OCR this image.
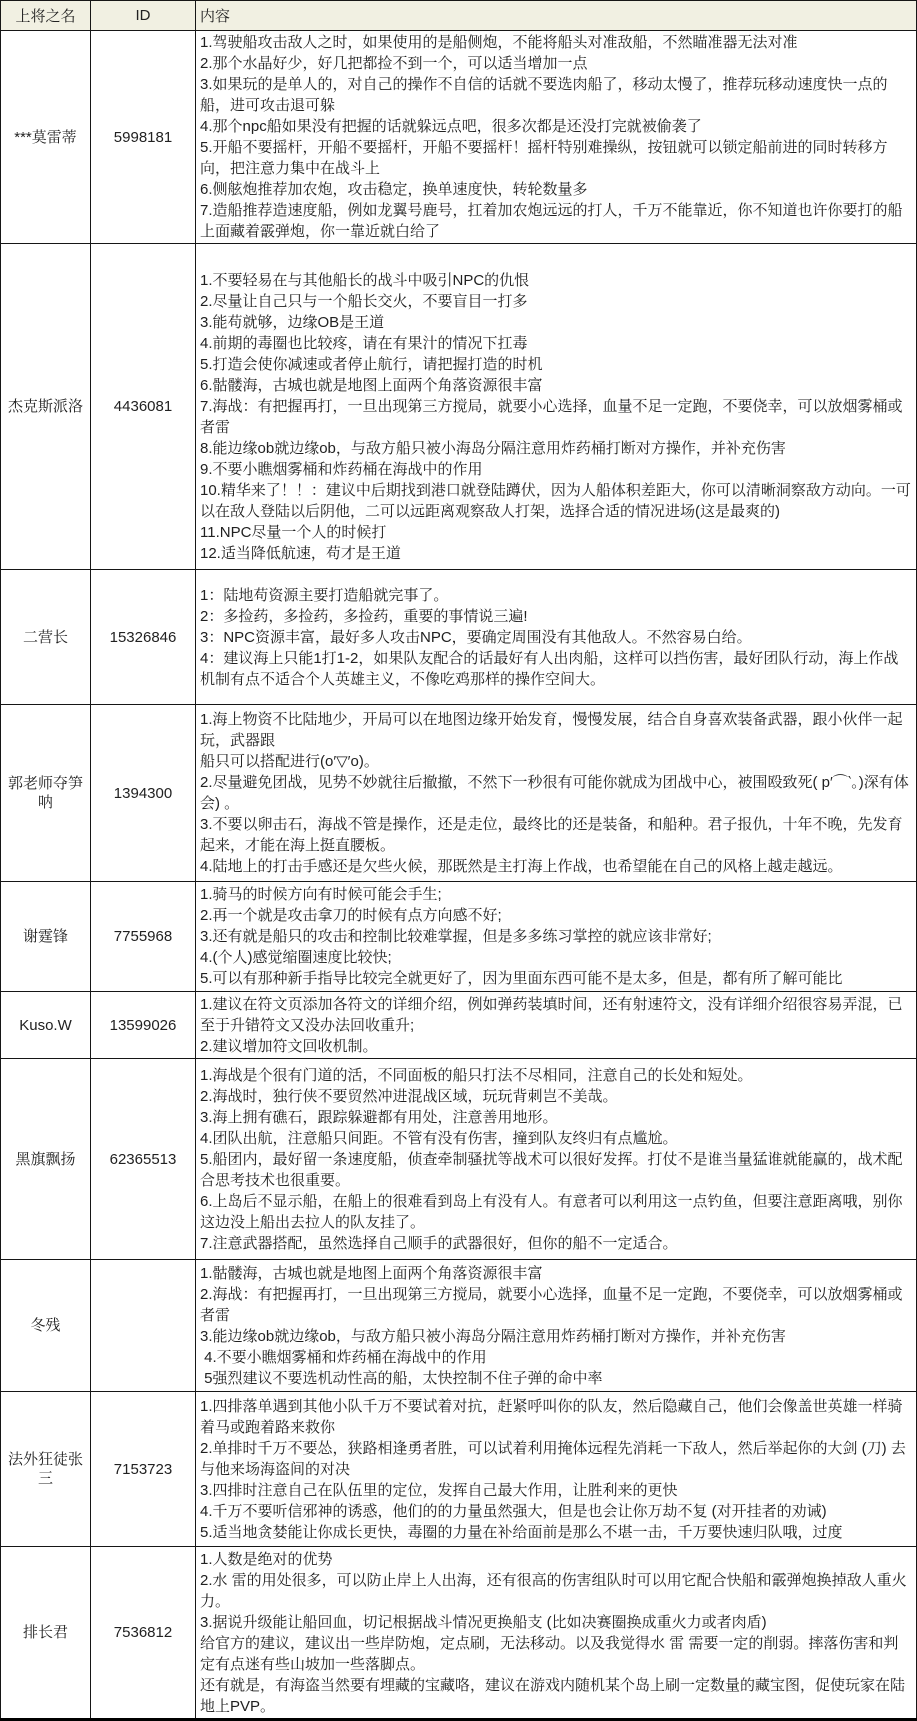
上将之名	ID	内容
***莫雷蒂	5998181	
1.驾驶船攻击敌人之时，如果使用的是船侧炮，不能将船头对准敌船，不然瞄准器无法对准
2.那个水晶好少，好几把都捡不到一个，可以适当增加一点
3.如果玩的是单人的，对自己的操作不自信的话就不要选肉船了，移动太慢了，推荐玩移动速度快一点的船，进可攻击退可躲
4.那个npc船如果没有把握的话就躲远点吧，很多次都是还没打完就被偷袭了
5.开船不要摇杆，开船不要摇杆，开船不要摇杆！摇杆特别难操纵，按钮就可以锁定船前进的同时转移方向，把注意力集中在战斗上
6.侧舷炮推荐加农炮，攻击稳定，换单速度快，转轮数量多
7.造船推荐造速度船，例如龙翼号鹿号，扛着加农炮远远的打人，千万不能靠近，你不知道也许你要打的船上面藏着霰弹炮，你一靠近就白给了

杰克斯派洛	4436081	
1.不要轻易在与其他船长的战斗中吸引NPC的仇恨
2.尽量让自己只与一个船长交火，不要盲目一打多
3.能苟就够，边缘OB是王道
4.前期的毒圈也比较疼，请在有果汁的情况下扛毒
5.打造会使你减速或者停止航行，请把握打造的时机
6.骷髅海，古城也就是地图上面两个角落资源很丰富
7.海战：有把握再打，一旦出现第三方搅局，就要小心选择，血量不足一定跑，不要侥幸，可以放烟雾桶或者雷
8.能边缘ob就边缘ob，与敌方船只被小海岛分隔注意用炸药桶打断对方操作，并补充伤害
9.不要小瞧烟雾桶和炸药桶在海战中的作用
10.精华来了！！：建议中后期找到港口就登陆蹲伏，因为人船体积差距大，你可以清晰洞察敌方动向。一可以在敌人登陆以后阴他，二可以远距离观察敌人打架，选择合适的情况进场(这是最爽的)
11.NPC尽量一个人的时候打
12.适当降低航速，苟才是王道

二营长	15326846	1：陆地苟资源主要打造船就完事了。
2：多捡药，多捡药，多捡药，重要的事情说三遍!
3：NPC资源丰富，最好多人攻击NPC，要确定周围没有其他敌人。不然容易白给。
4：建议海上只能1打1-2，如果队友配合的话最好有人出肉船，这样可以挡伤害，最好团队行动，海上作战机制有点不适合个人英雄主义，不像吃鸡那样的操作空间大。

郭老师夺笋呐	1394300	1.海上物资不比陆地少，开局可以在地图边缘开始发育，慢慢发展，结合自身喜欢装备武器，跟小伙伴一起玩，武器跟
船只可以搭配进行(o′▽′o)。
2.尽量避免团战，见势不妙就往后撤撤，不然下一秒很有可能你就成为团战中心，被围殴致死( p′⌒‵。)深有体会) 。
3.不要以卵击石，海战不管是操作，还是走位，最终比的还是装备，和船种。君子报仇，十年不晚，先发育起来，才能在海上挺直腰板。
4.陆地上的打击手感还是欠些火候，那既然是主打海上作战，也希望能在自己的风格上越走越远。

谢霆锋	7755968	1.骑马的时候方向有时候可能会手生;
2.再一个就是攻击拿刀的时候有点方向感不好;
3.还有就是船只的攻击和控制比较难掌握，但是多多练习掌控的就应该非常好;
4.(个人)感觉缩圈速度比较快;
5.可以有那种新手指导比较完全就更好了，因为里面东西可能不是太多，但是，都有所了解可能比

Kuso.W	13599026	1.建议在符文页添加各符文的详细介绍，例如弹药装填时间，还有射速符文，没有详细介绍很容易弄混，已至于升错符文又没办法回收重升;
2.建议增加符文回收机制。

黑旗飘扬	62365513	
1.海战是个很有门道的活，不同面板的船只打法不尽相同，注意自己的长处和短处。
2.海战时，独行侠不要贸然冲进混战区域，玩玩背刺岂不美哉。
3.海上拥有礁石，跟踪躲避都有用处，注意善用地形。
4.团队出航，注意船只间距。不管有没有伤害，撞到队友终归有点尴尬。
5.船团内，最好留一条速度船，侦查牵制骚扰等战术可以很好发挥。打仗不是谁当量猛谁就能赢的，战术配合思考技术也很重要。
6.上岛后不显示船，在船上的很难看到岛上有没有人。有意者可以利用这一点钓鱼，但要注意距离哦，别你这边没上船出去拉人的队友挂了。
7.注意武器搭配，虽然选择自己顺手的武器很好，但你的船不一定适合。

冬残		1.骷髅海，古城也就是地图上面两个角落资源很丰富
2.海战：有把握再打，一旦出现第三方搅局，就要小心选择，血量不足一定跑，不要侥幸，可以放烟雾桶或者雷
3.能边缘ob就边缘ob，与敌方船只被小海岛分隔注意用炸药桶打断对方操作，并补充伤害
4.不要小瞧烟雾桶和炸药桶在海战中的作用
5强烈建议不要选机动性高的船，太快控制不住子弹的命中率

法外狂徒张三	7153723	1.四排落单遇到其他小队千万不要试着对抗，赶紧呼叫你的队友，然后隐藏自己，他们会像盖世英雄一样骑着马或跑着路来救你
2.单排时千万不要怂，狭路相逢勇者胜，可以试着利用掩体远程先消耗一下敌人，然后举起你的大剑 (刀) 去与他来场海盗间的对决
3.四排时注意自己在队伍里的定位，发挥自己最大作用，让胜利来的更快
4.千万不要听信邪神的诱惑，他们的的力量虽然强大，但是也会让你万劫不复 (对开挂者的劝诫)
5.适当地贪婪能让你成长更快，毒圈的力量在补给面前是那么不堪一击，千万要快速归队哦，过度

排长君	7536812	1.人数是绝对的优势
2.水 雷的用处很多，可以防止岸上人出海，还有很高的伤害组队时可以用它配合快船和霰弹炮换掉敌人重火力。
3.据说升级能让船回血，切记根据战斗情况更换船支 (比如决赛圈换成重火力或者肉盾)
给官方的建议，建议出一些岸防炮，定点刷，无法移动。以及我觉得水 雷 需要一定的削弱。摔落伤害和判定有点迷有些山坡加一些落脚点。
还有就是，有海盗当然要有埋藏的宝藏咯，建议在游戏内随机某个岛上刷一定数量的藏宝图，促使玩家在陆地上PVP。
